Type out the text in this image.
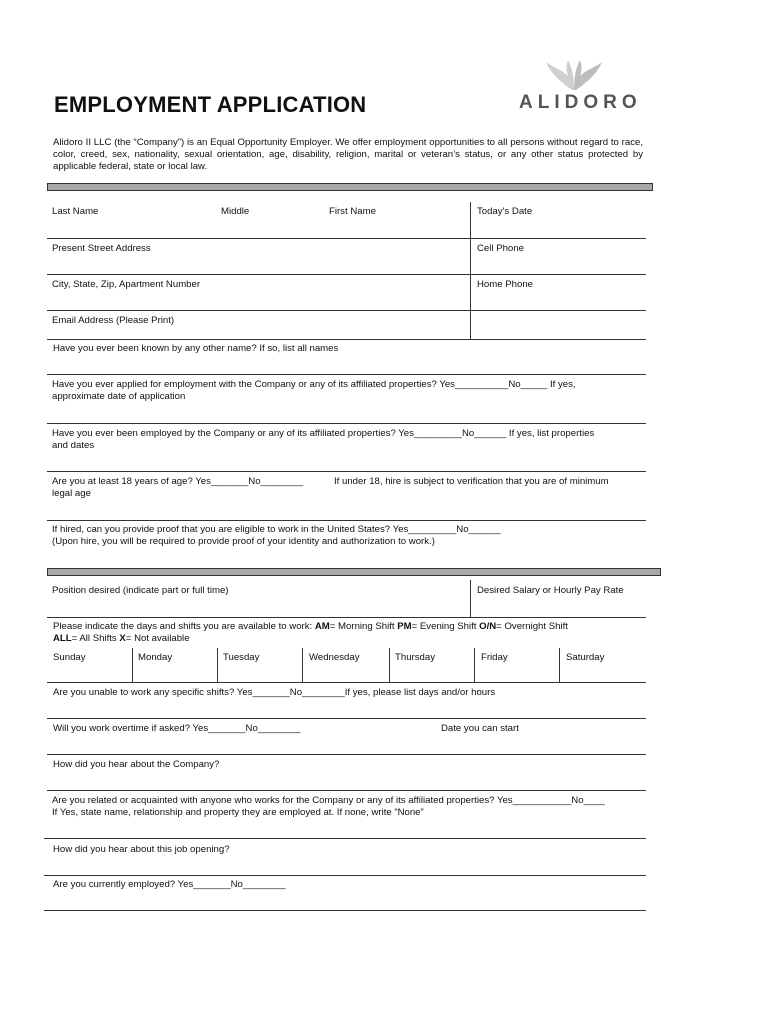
EMPLOYMENT APPLICATION	ALIDORO
Alidoro II LLC (the “Company”) is an Equal Opportunity Employer. We offer employment opportunities to all persons without regard to race, color, creed, sex, nationality, sexual orientation, age, disability, religion, marital or veteran’s status, or any other status protected by applicable federal, state or local law.
Last Name	Middle	First Name	Today's Date
Present Street Address	Cell Phone
City, State, Zip, Apartment Number	Home Phone
Email Address (Please Print)
Have you ever been known by any other name? If so, list all names
Have you ever applied for employment with the Company or any of its affiliated properties? Yes__________No_____ If yes,
approximate date of application
Have you ever been employed by the Company or any of its affiliated properties? Yes_________No______ If yes, list properties
and dates
Are you at least 18 years of age? Yes_______No________	If under 18, hire is subject to verification that you are of minimum
legal age
If hired, can you provide proof that you are eligible to work in the United States? Yes_________No______
(Upon hire, you will be required to provide proof of your identity and authorization to work.)
Position desired (indicate part or full time)	Desired Salary or Hourly Pay Rate
Please indicate the days and shifts you are available to work: AM= Morning Shift PM= Evening Shift O/N= Overnight Shift
ALL= All Shifts X= Not available
Sunday	Monday	Tuesday	Wednesday	Thursday	Friday	Saturday
Are you unable to work any specific shifts? Yes_______No________If yes, please list days and/or hours
Will you work overtime if asked? Yes_______No________	Date you can start
How did you hear about the Company?
Are you related or acquainted with anyone who works for the Company or any of its affiliated properties? Yes___________No____
If Yes, state name, relationship and property they are employed at. If none, write “None”
How did you hear about this job opening?
Are you currently employed? Yes_______No________
